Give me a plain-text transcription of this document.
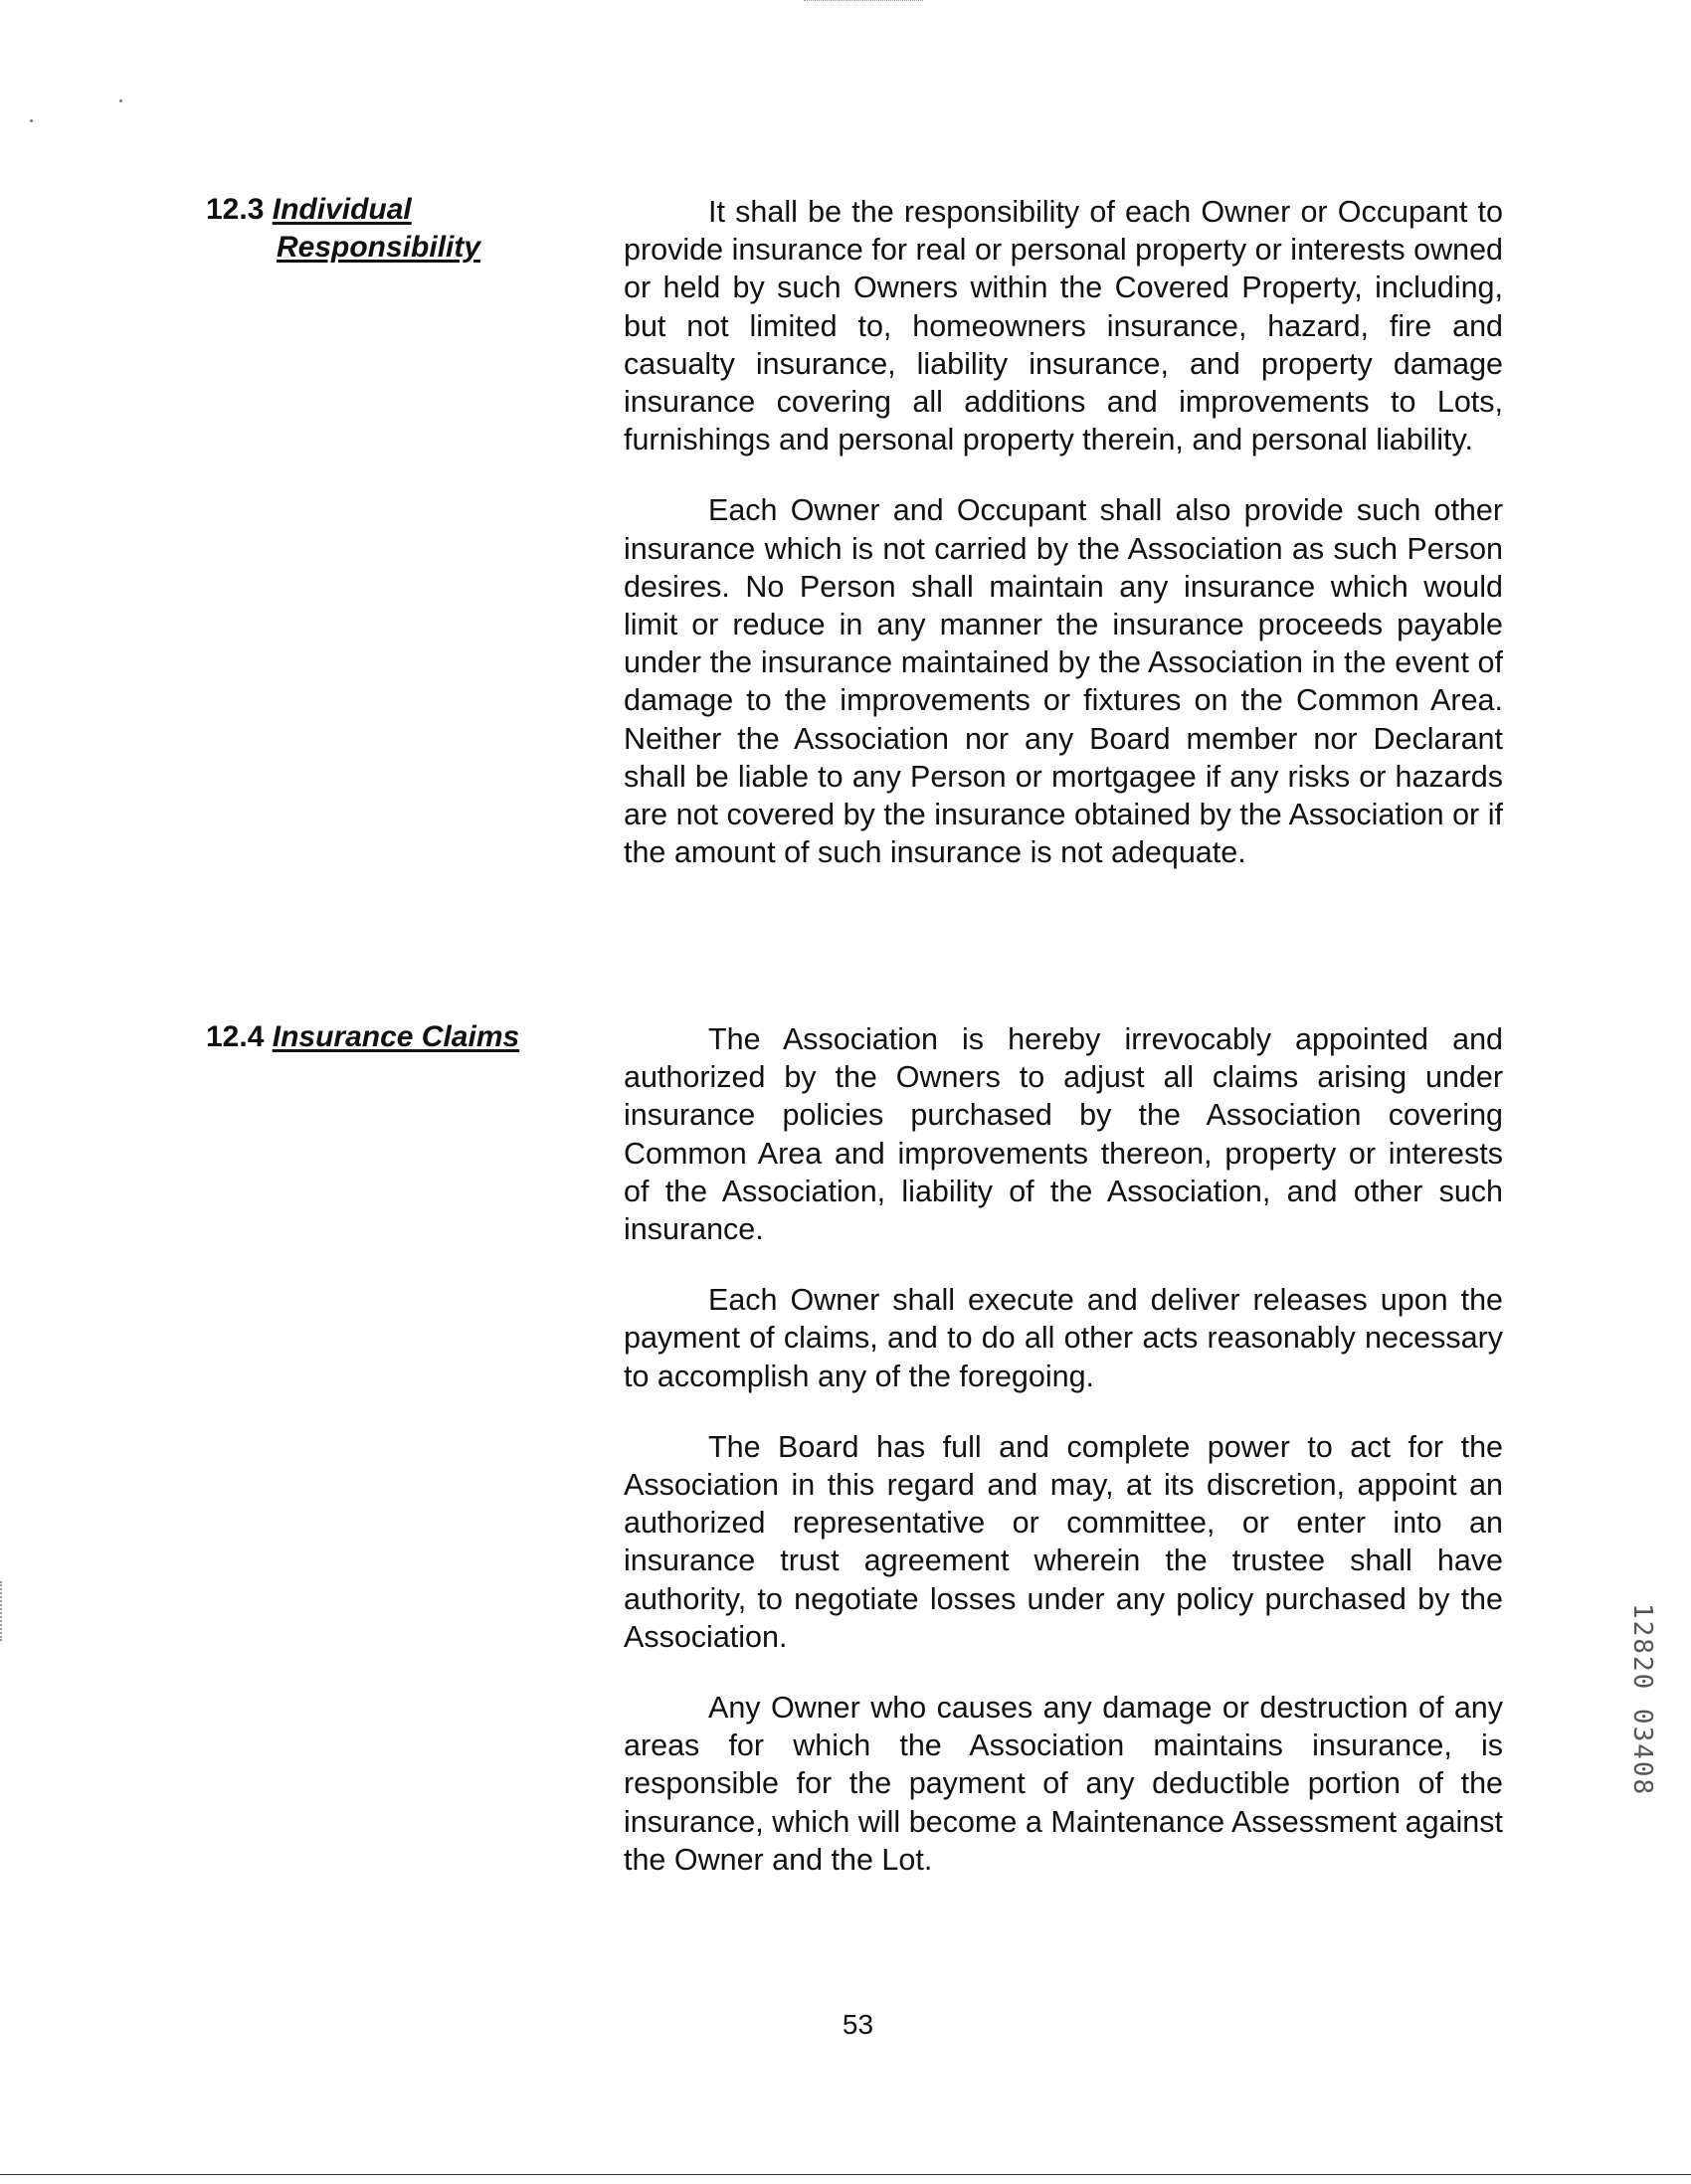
12.3 Individual
Responsibility

It shall be the responsibility of each Owner or Occupant to provide insurance for real or personal property or interests owned or held by such Owners within the Covered Property, including, but not limited to, homeowners insurance, hazard, fire and casualty insurance, liability insurance, and property damage insurance covering all additions and improvements to Lots, furnishings and personal property therein, and personal liability.

Each Owner and Occupant shall also provide such other insurance which is not carried by the Association as such Person desires. No Person shall maintain any insurance which would limit or reduce in any manner the insurance proceeds payable under the insurance maintained by the Association in the event of damage to the improvements or fixtures on the Common Area. Neither the Association nor any Board member nor Declarant shall be liable to any Person or mortgagee if any risks or hazards are not covered by the insurance obtained by the Association or if the amount of such insurance is not adequate.

12.4 Insurance Claims	The Association is hereby irrevocably appointed and authorized by the Owners to adjust all claims arising under insurance policies purchased by the Association covering Common Area and improvements thereon, property or interests of the Association, liability of the Association, and other such insurance.

Each Owner shall execute and deliver releases upon the payment of claims, and to do all other acts reasonably necessary to accomplish any of the foregoing.

The Board has full and complete power to act for the Association in this regard and may, at its discretion, appoint an authorized representative or committee, or enter into an insurance trust agreement wherein the trustee shall have authority, to negotiate losses under any policy purchased by the Association.

Any Owner who causes any damage or destruction of any areas for which the Association maintains insurance, is responsible for the payment of any deductible portion of the insurance, which will become a Maintenance Assessment against the Owner and the Lot.

53
12820 03408
